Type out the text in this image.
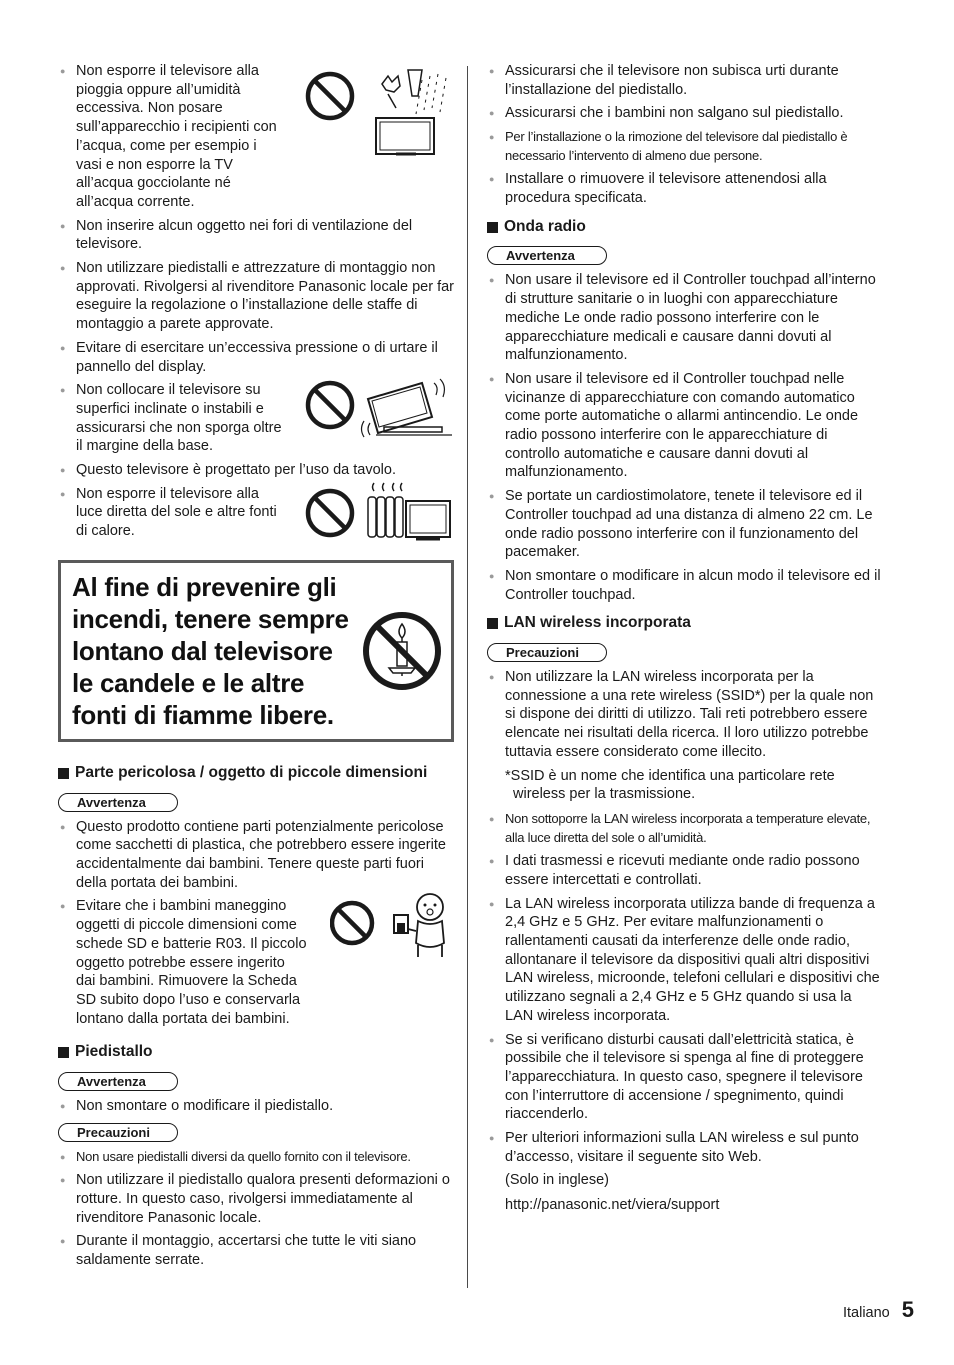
● Non esporre il televisore alla pioggia oppure all’umidità eccessiva. Non posare sull’apparecchio i recipienti con l’acqua, come per esempio i vasi e non esporre la TV all’acqua gocciolante né all’acqua corrente.
● Non inserire alcun oggetto nei fori di ventilazione del televisore.
● Non utilizzare piedistalli e attrezzature di montaggio non approvati. Rivolgersi al rivenditore Panasonic locale per far eseguire la regolazione o l’installazione delle staffe di montaggio a parete approvate.
● Evitare di esercitare un’eccessiva pressione o di urtare il pannello del display.
● Non collocare il televisore su superfici inclinate o instabili e assicurarsi che non sporga oltre il margine della base.
● Questo televisore è progettato per l’uso da tavolo.
● Non esporre il televisore alla luce diretta del sole e altre fonti di calore.
Al fine di prevenire gli
incendi, tenere sempre
lontano dal televisore
le candele e le altre
fonti di fiamme libere.
Parte pericolosa / oggetto di piccole dimensioni
Avvertenza
● Questo prodotto contiene parti potenzialmente pericolose come sacchetti di plastica, che potrebbero essere ingerite accidentalmente dai bambini. Tenere queste parti fuori della portata dei bambini.
● Evitare che i bambini maneggino oggetti di piccole dimensioni come schede SD e batterie R03. Il piccolo oggetto potrebbe essere ingerito dai bambini. Rimuovere la Scheda SD subito dopo l’uso e conservarla lontano dalla portata dei bambini.
Piedistallo
Avvertenza
● Non smontare o modificare il piedistallo.
Precauzioni
● Non usare piedistalli diversi da quello fornito con il televisore.
● Non utilizzare il piedistallo qualora presenti deformazioni o rotture. In questo caso, rivolgersi immediatamente al rivenditore Panasonic locale.
● Durante il montaggio, accertarsi che tutte le viti siano saldamente serrate.
● Assicurarsi che il televisore non subisca urti durante l’installazione del piedistallo.
● Assicurarsi che i bambini non salgano sul piedistallo.
● Per l’installazione o la rimozione del televisore dal piedistallo è necessario l’intervento di almeno due persone.
● Installare o rimuovere il televisore attenendosi alla procedura specificata.
Onda radio
Avvertenza
● Non usare il televisore ed il Controller touchpad all’interno di strutture sanitarie o in luoghi con apparecchiature mediche Le onde radio possono interferire con le apparecchiature medicali e causare danni dovuti al malfunzionamento.
● Non usare il televisore ed il Controller touchpad nelle vicinanze di apparecchiature con comando automatico come porte automatiche o allarmi antincendio. Le onde radio possono interferire con le apparecchiature di controllo automatiche e causare danni dovuti al malfunzionamento.
● Se portate un cardiostimolatore, tenete il televisore ed il Controller touchpad ad una distanza di almeno 22 cm. Le onde radio possono interferire con il funzionamento del pacemaker.
● Non smontare o modificare in alcun modo il televisore ed il Controller touchpad.
LAN wireless incorporata
Precauzioni
● Non utilizzare la LAN wireless incorporata per la connessione a una rete wireless (SSID*) per la quale non si dispone dei diritti di utilizzo. Tali reti potrebbero essere elencate nei risultati della ricerca. Il loro utilizzo potrebbe tuttavia essere considerato come illecito.

*SSID è un nome che identifica una particolare rete wireless per la trasmissione.

● Non sottoporre la LAN wireless incorporata a temperature elevate, alla luce diretta del sole o all’umidità.
● I dati trasmessi e ricevuti mediante onde radio possono essere intercettati e controllati.
● La LAN wireless incorporata utilizza bande di frequenza a 2,4 GHz e 5 GHz. Per evitare malfunzionamenti o rallentamenti causati da interferenze delle onde radio, allontanare il televisore da dispositivi quali altri dispositivi LAN wireless, microonde, telefoni cellulari e dispositivi che utilizzano segnali a 2,4 GHz e 5 GHz quando si usa la LAN wireless incorporata.
● Se si verificano disturbi causati dall’elettricità statica, è possibile che il televisore si spenga al fine di proteggere l’apparecchiatura. In questo caso, spegnere il televisore con l’interruttore di accensione / spegnimento, quindi riaccenderlo.
● Per ulteriori informazioni sulla LAN wireless e sul punto d’accesso, visitare il seguente sito Web.

(Solo in inglese)

http://panasonic.net/viera/support

Italiano 5
